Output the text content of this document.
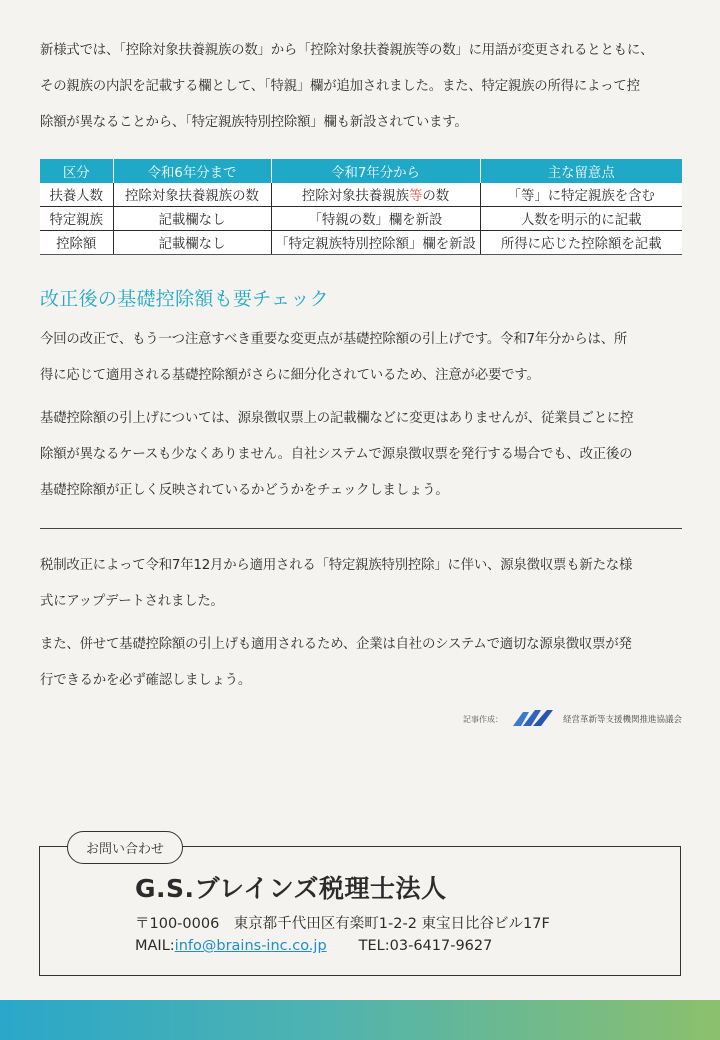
新様式では、「控除対象扶養親族の数」から「控除対象扶養親族等の数」に用語が変更されるとともに、
その親族の内訳を記載する欄として、「特親」欄が追加されました。また、特定親族の所得によって控
除額が異なることから、「特定親族特別控除額」欄も新設されています。
区分	令和6年分まで	令和7年分から	主な留意点
扶養人数	控除対象扶養親族の数	控除対象扶養親族等の数	「等」に特定親族を含む
特定親族	記載欄なし	「特親の数」欄を新設	人数を明示的に記載
控除額	記載欄なし	「特定親族特別控除額」欄を新設	所得に応じた控除額を記載
改正後の基礎控除額も要チェック
今回の改正で、もう一つ注意すべき重要な変更点が基礎控除額の引上げです。令和7年分からは、所
得に応じて適用される基礎控除額がさらに細分化されているため、注意が必要です。
基礎控除額の引上げについては、源泉徴収票上の記載欄などに変更はありませんが、従業員ごとに控
除額が異なるケースも少なくありません。自社システムで源泉徴収票を発行する場合でも、改正後の
基礎控除額が正しく反映されているかどうかをチェックしましょう。
税制改正によって令和7年12月から適用される「特定親族特別控除」に伴い、源泉徴収票も新たな様
式にアップデートされました。
また、併せて基礎控除額の引上げも適用されるため、企業は自社のシステムで適切な源泉徴収票が発
行できるかを必ず確認しましょう。
記事作成：	経営革新等支援機関推進協議会
お問い合わせ
G.S.ブレインズ税理士法人
〒100-0006　東京都千代田区有楽町1-2-2 東宝日比谷ビル17F
MAIL:info@brains-inc.co.jp TEL:03-6417-9627
